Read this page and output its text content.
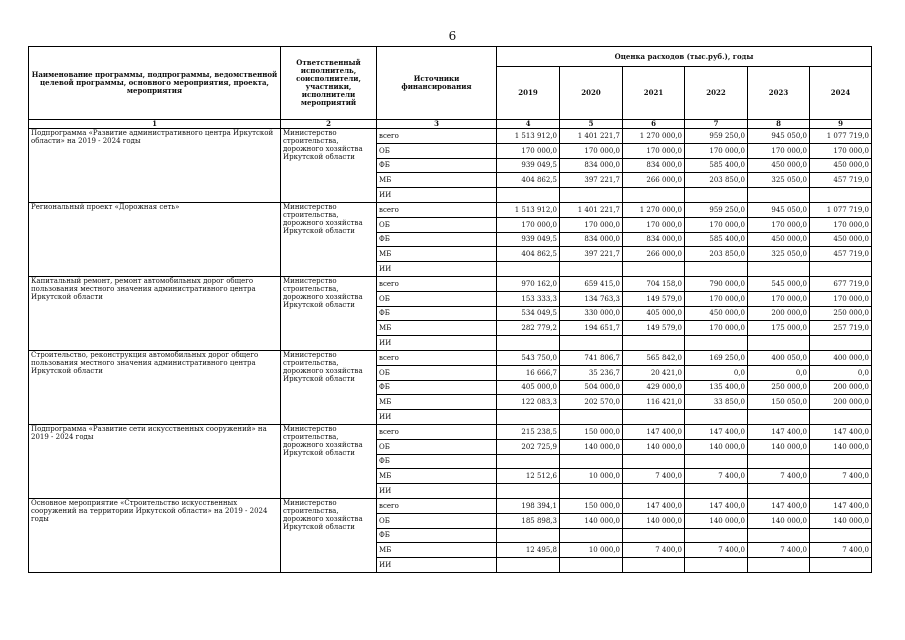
6
Наименование программы, подпрограммы, ведомственной целевой программы, основного мероприятия, проекта, мероприятия	Ответственный исполнитель, соисполнители, участники, исполнители мероприятий	Источники финансирования	Оценка расходов (тыс.руб.), годы					
			2019	2020	2021	2022	2023	2024
1	2	3	4	5	6	7	8	9
Подпрограмма «Развитие административного центра Иркутской области» на 2019 - 2024 годы	Министерство строительства, дорожного хозяйства Иркутской области	всего	1 513 912,0	1 401 221,7	1 270 000,0	959 250,0	945 050,0	1 077 719,0
		ОБ	170 000,0	170 000,0	170 000,0	170 000,0	170 000,0	170 000,0
		ФБ	939 049,5	834 000,0	834 000,0	585 400,0	450 000,0	450 000,0
		МБ	404 862,5	397 221,7	266 000,0	203 850,0	325 050,0	457 719,0
		ИИ						
Региональный проект «Дорожная сеть»	Министерство строительства, дорожного хозяйства Иркутской области	всего	1 513 912,0	1 401 221,7	1 270 000,0	959 250,0	945 050,0	1 077 719,0
		ОБ	170 000,0	170 000,0	170 000,0	170 000,0	170 000,0	170 000,0
		ФБ	939 049,5	834 000,0	834 000,0	585 400,0	450 000,0	450 000,0
		МБ	404 862,5	397 221,7	266 000,0	203 850,0	325 050,0	457 719,0
		ИИ						
Капитальный ремонт, ремонт автомобильных дорог общего пользования местного значения административного центра Иркутской области	Министерство строительства, дорожного хозяйства Иркутской области	всего	970 162,0	659 415,0	704 158,0	790 000,0	545 000,0	677 719,0
		ОБ	153 333,3	134 763,3	149 579,0	170 000,0	170 000,0	170 000,0
		ФБ	534 049,5	330 000,0	405 000,0	450 000,0	200 000,0	250 000,0
		МБ	282 779,2	194 651,7	149 579,0	170 000,0	175 000,0	257 719,0
		ИИ						
Строительство, реконструкция автомобильных дорог общего пользования местного значения административного центра Иркутской области	Министерство строительства, дорожного хозяйства Иркутской области	всего	543 750,0	741 806,7	565 842,0	169 250,0	400 050,0	400 000,0
		ОБ	16 666,7	35 236,7	20 421,0	0,0	0,0	0,0
		ФБ	405 000,0	504 000,0	429 000,0	135 400,0	250 000,0	200 000,0
		МБ	122 083,3	202 570,0	116 421,0	33 850,0	150 050,0	200 000,0
		ИИ						
Подпрограмма «Развитие сети искусственных сооружений» на 2019 - 2024 годы	Министерство строительства, дорожного хозяйства Иркутской области	всего	215 238,5	150 000,0	147 400,0	147 400,0	147 400,0	147 400,0
		ОБ	202 725,9	140 000,0	140 000,0	140 000,0	140 000,0	140 000,0
		ФБ						
		МБ	12 512,6	10 000,0	7 400,0	7 400,0	7 400,0	7 400,0
		ИИ						
Основное мероприятие «Строительство искусственных сооружений на территории Иркутской области» на 2019 - 2024 годы	Министерство строительства, дорожного хозяйства Иркутской области	всего	198 394,1	150 000,0	147 400,0	147 400,0	147 400,0	147 400,0
		ОБ	185 898,3	140 000,0	140 000,0	140 000,0	140 000,0	140 000,0
		ФБ						
		МБ	12 495,8	10 000,0	7 400,0	7 400,0	7 400,0	7 400,0
		ИИ						
